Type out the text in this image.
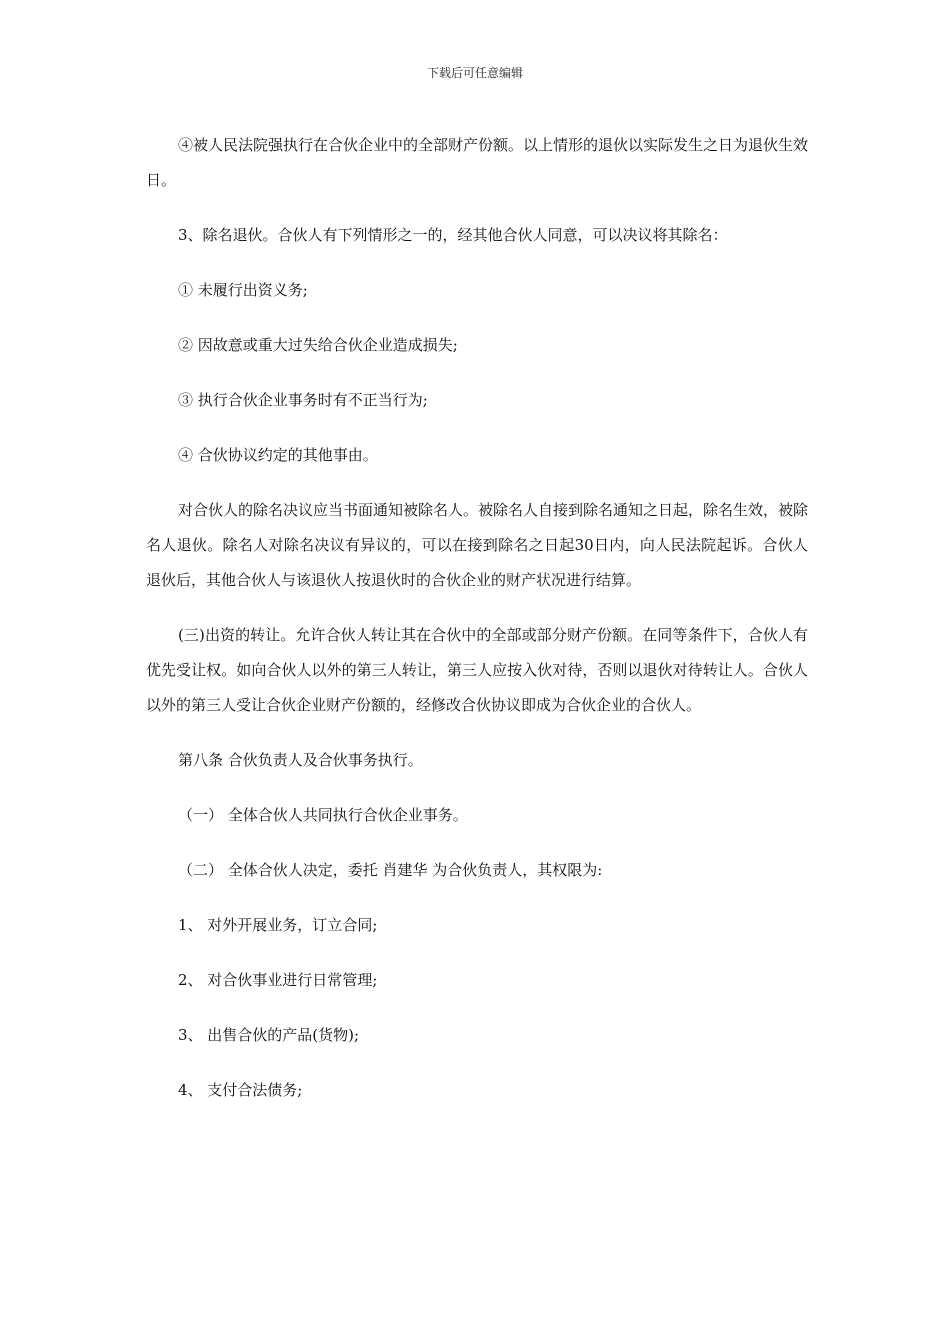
下载后可任意编辑

④被人民法院强执行在合伙企业中的全部财产份额。以上情形的退伙以实际发生之日为退伙生效日。

3、除名退伙。合伙人有下列情形之一的，经其他合伙人同意，可以决议将其除名：

① 未履行出资义务;

② 因故意或重大过失给合伙企业造成损失;

③ 执行合伙企业事务时有不正当行为;

④ 合伙协议约定的其他事由。

对合伙人的除名决议应当书面通知被除名人。被除名人自接到除名通知之日起，除名生效，被除名人退伙。除名人对除名决议有异议的，可以在接到除名之日起30日内，向人民法院起诉。合伙人退伙后，其他合伙人与该退伙人按退伙时的合伙企业的财产状况进行结算。

(三)出资的转让。允许合伙人转让其在合伙中的全部或部分财产份额。在同等条件下，合伙人有优先受让权。如向合伙人以外的第三人转让，第三人应按入伙对待，否则以退伙对待转让人。合伙人以外的第三人受让合伙企业财产份额的，经修改合伙协议即成为合伙企业的合伙人。

第八条 合伙负责人及合伙事务执行。

（一） 全体合伙人共同执行合伙企业事务。

（二） 全体合伙人决定，委托 肖建华 为合伙负责人，其权限为:

1、 对外开展业务，订立合同;

2、 对合伙事业进行日常管理;

3、 出售合伙的产品(货物);

4、 支付合法债务;
